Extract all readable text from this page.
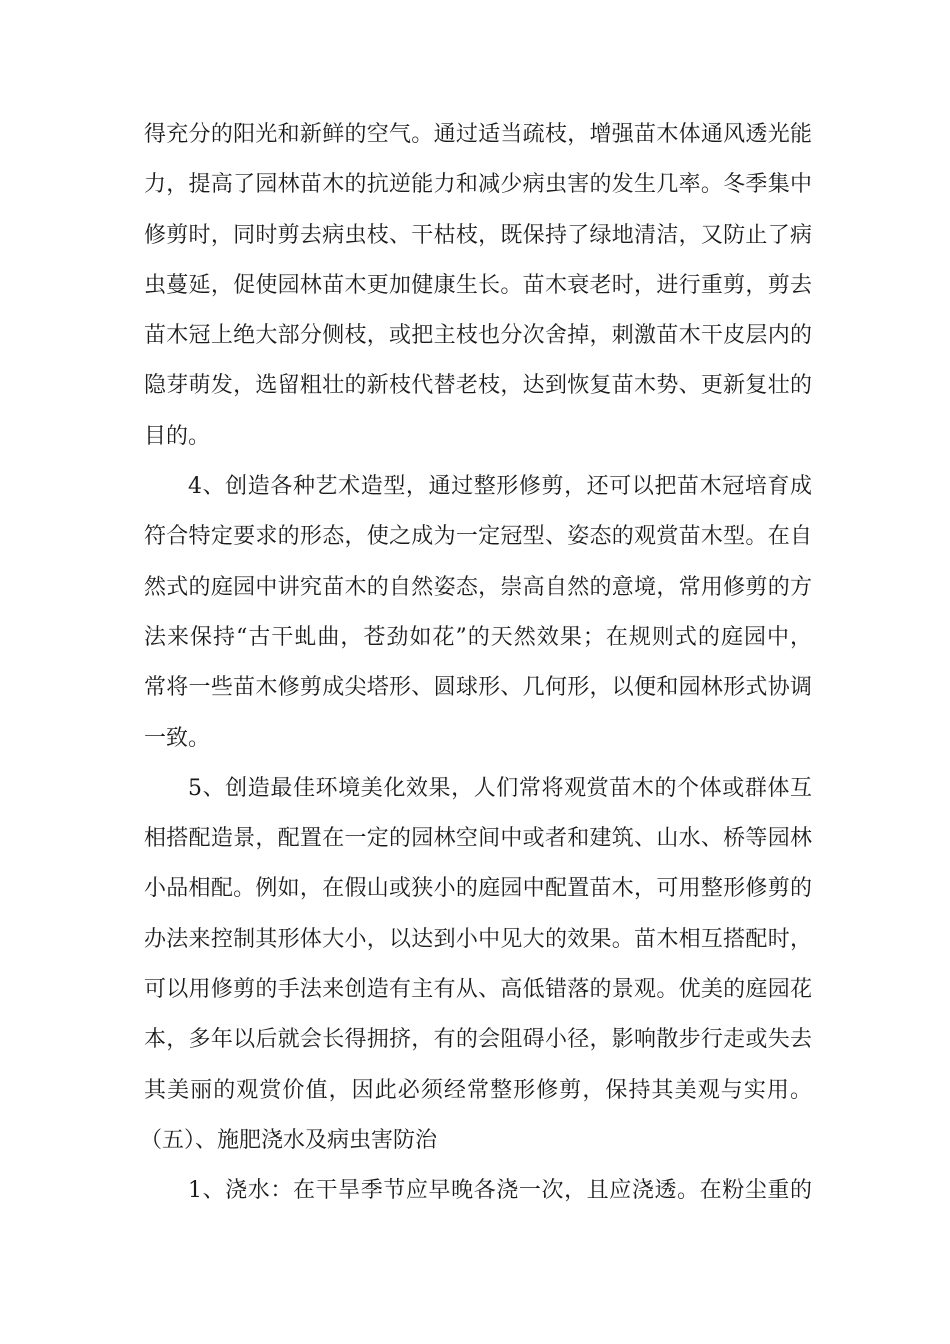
得充分的阳光和新鲜的空气。通过适当疏枝，增强苗木体通风透光能
力，提高了园林苗木的抗逆能力和减少病虫害的发生几率。冬季集中
修剪时，同时剪去病虫枝、干枯枝，既保持了绿地清洁，又防止了病
虫蔓延，促使园林苗木更加健康生长。苗木衰老时，进行重剪，剪去
苗木冠上绝大部分侧枝，或把主枝也分次舍掉，刺激苗木干皮层内的
隐芽萌发，选留粗壮的新枝代替老枝，达到恢复苗木势、更新复壮的
目的。
4、创造各种艺术造型，通过整形修剪，还可以把苗木冠培育成
符合特定要求的形态，使之成为一定冠型、姿态的观赏苗木型。在自
然式的庭园中讲究苗木的自然姿态，崇高自然的意境，常用修剪的方
法来保持“古干虬曲，苍劲如花”的天然效果；在规则式的庭园中，
常将一些苗木修剪成尖塔形、圆球形、几何形，以便和园林形式协调
一致。
5、创造最佳环境美化效果，人们常将观赏苗木的个体或群体互
相搭配造景，配置在一定的园林空间中或者和建筑、山水、桥等园林
小品相配。例如，在假山或狭小的庭园中配置苗木，可用整形修剪的
办法来控制其形体大小，以达到小中见大的效果。苗木相互搭配时，
可以用修剪的手法来创造有主有从、高低错落的景观。优美的庭园花
本，多年以后就会长得拥挤，有的会阻碍小径，影响散步行走或失去
其美丽的观赏价值，因此必须经常整形修剪，保持其美观与实用。
（五）、施肥浇水及病虫害防治
1、浇水：在干旱季节应早晚各浇一次，且应浇透。在粉尘重的
